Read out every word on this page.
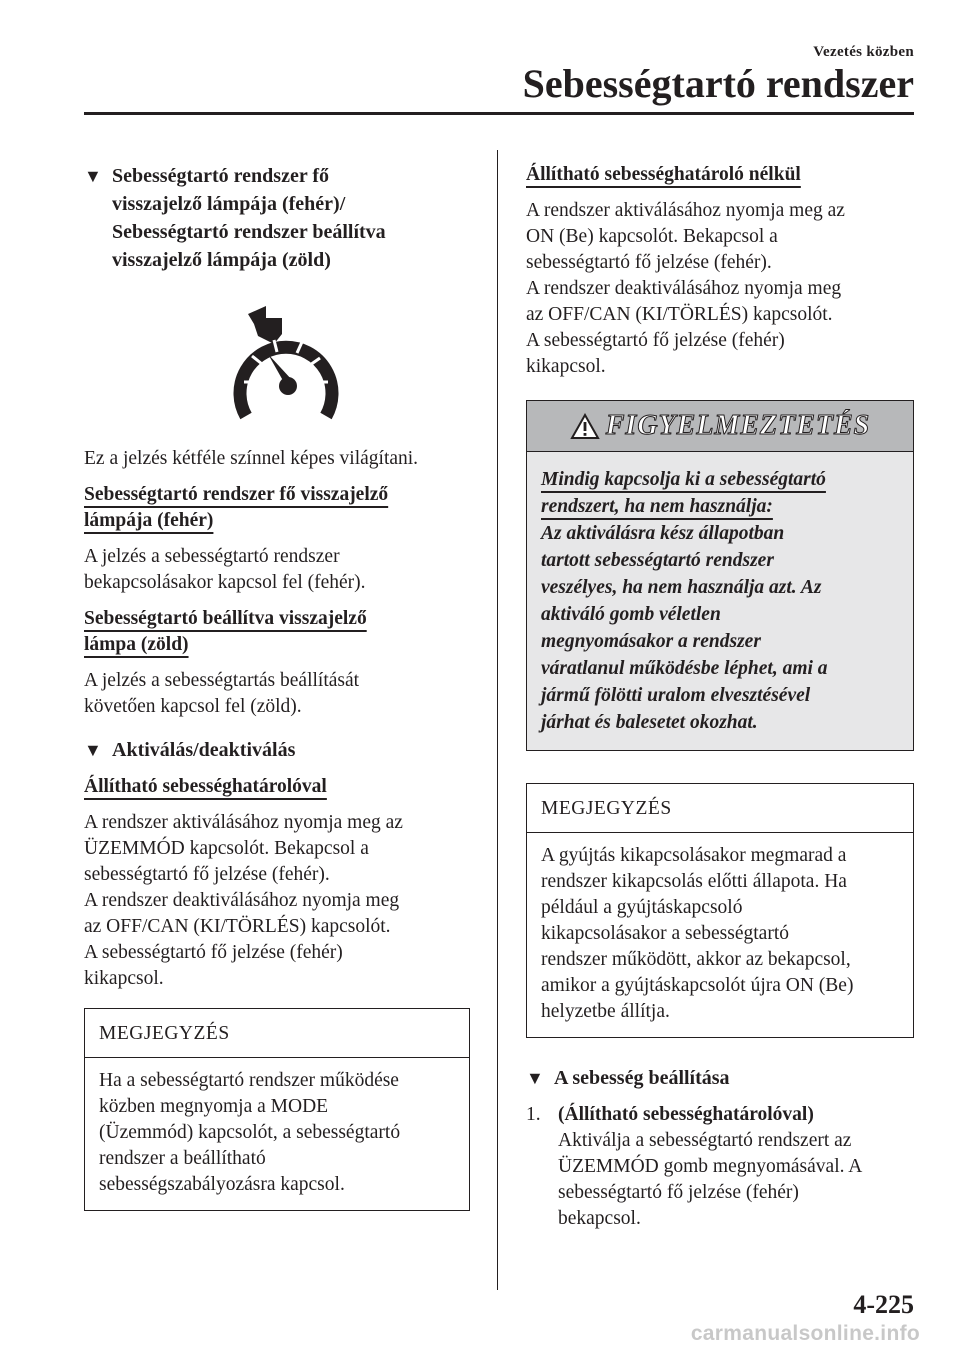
Vezetés közben
Sebességtartó rendszer
▼ Sebességtartó rendszer fő
visszajelző lámpája (fehér)/
Sebességtartó rendszer beállítva
visszajelző lámpája (zöld)

Ez a jelzés kétféle színnel képes világítani.

Sebességtartó rendszer fő visszajelző
lámpája (fehér)

A jelzés a sebességtartó rendszer

bekapcsolásakor kapcsol fel (fehér).

Sebességtartó beállítva visszajelző
lámpa (zöld)

A jelzés a sebességtartás beállítását

követően kapcsol fel (zöld).

▼ Aktiválás/deaktiválás
Állítható sebességhatárolóval

A rendszer aktiválásához nyomja meg az

ÜZEMMÓD kapcsolót. Bekapcsol a

sebességtartó fő jelzése (fehér).

A rendszer deaktiválásához nyomja meg

az OFF/CAN (KI/TÖRLÉS) kapcsolót.

A sebességtartó fő jelzése (fehér)

kikapcsol.

MEGJEGYZÉS

Ha a sebességtartó rendszer működése

közben megnyomja a MODE

(Üzemmód) kapcsolót, a sebességtartó

rendszer a beállítható

sebességszabályozásra kapcsol.

Állítható sebességhatároló nélkül

A rendszer aktiválásához nyomja meg az

ON (Be) kapcsolót. Bekapcsol a

sebességtartó fő jelzése (fehér).

A rendszer deaktiválásához nyomja meg

az OFF/CAN (KI/TÖRLÉS) kapcsolót.

A sebességtartó fő jelzése (fehér)

kikapcsol.

FIGYELMEZTETÉS

Mindig kapcsolja ki a sebességtartó

rendszert, ha nem használja:

Az aktiválásra kész állapotban

tartott sebességtartó rendszer

veszélyes, ha nem használja azt. Az

aktiváló gomb véletlen

megnyomásakor a rendszer

váratlanul működésbe léphet, ami a

jármű fölötti uralom elvesztésével

járhat és balesetet okozhat.

MEGJEGYZÉS

A gyújtás kikapcsolásakor megmarad a

rendszer kikapcsolás előtti állapota. Ha

például a gyújtáskapcsoló

kikapcsolásakor a sebességtartó

rendszer működött, akkor az bekapcsol,

amikor a gyújtáskapcsolót újra ON (Be)

helyzetbe állítja.

▼ A sebesség beállítása
1. (Állítható sebességhatárolóval)

Aktiválja a sebességtartó rendszert az

ÜZEMMÓD gomb megnyomásával. A

sebességtartó fő jelzése (fehér)

bekapcsol.

4-225
carmanualsonline.info
